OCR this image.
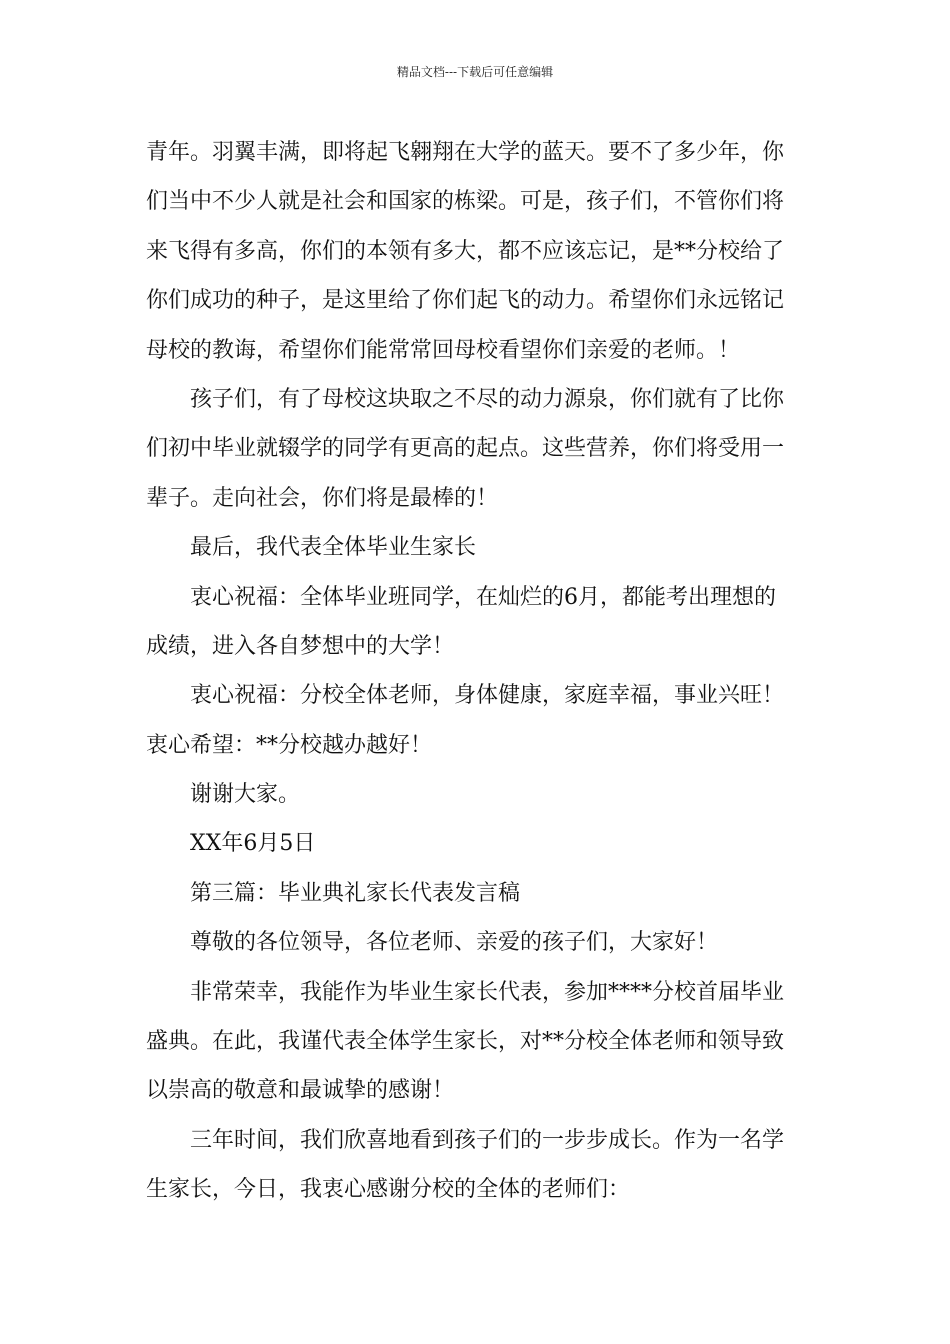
精品文档---下载后可任意编辑
青年。羽翼丰满，即将起飞翱翔在大学的蓝天。要不了多少年，你
们当中不少人就是社会和国家的栋梁。可是，孩子们，不管你们将
来飞得有多高，你们的本领有多大，都不应该忘记，是**分校给了
你们成功的种子，是这里给了你们起飞的动力。希望你们永远铭记
母校的教诲，希望你们能常常回母校看望你们亲爱的老师。！
孩子们，有了母校这块取之不尽的动力源泉，你们就有了比你
们初中毕业就辍学的同学有更高的起点。这些营养，你们将受用一
辈子。走向社会，你们将是最棒的！
最后，我代表全体毕业生家长
衷心祝福：全体毕业班同学，在灿烂的6月，都能考出理想的
成绩，进入各自梦想中的大学！
衷心祝福：分校全体老师，身体健康，家庭幸福，事业兴旺！
衷心希望：**分校越办越好！
谢谢大家。
XX年6月5日
第三篇：毕业典礼家长代表发言稿
尊敬的各位领导，各位老师、亲爱的孩子们，大家好！
非常荣幸，我能作为毕业生家长代表，参加****分校首届毕业
盛典。在此，我谨代表全体学生家长，对**分校全体老师和领导致
以崇高的敬意和最诚挚的感谢！
三年时间，我们欣喜地看到孩子们的一步步成长。作为一名学
生家长，今日，我衷心感谢分校的全体的老师们：
